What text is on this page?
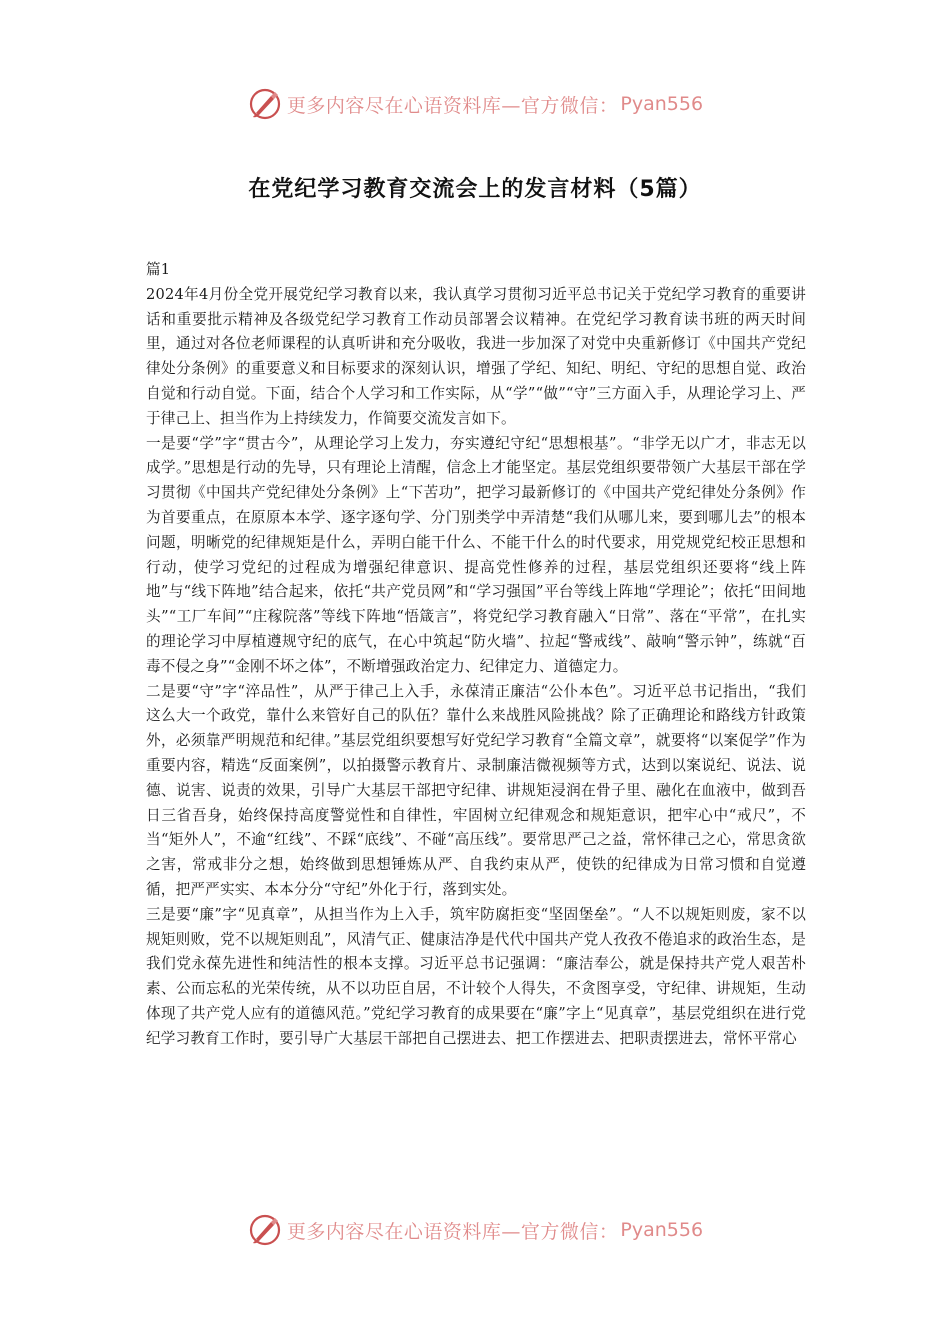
更多内容尽在心语资料库—官方微信： Pyan556
在党纪学习教育交流会上的发言材料（5篇）

篇1

2024年4月份全党开展党纪学习教育以来，我认真学习贯彻习近平总书记关于党纪学习教育的重要讲话和重要批示精神及各级党纪学习教育工作动员部署会议精神。在党纪学习教育读书班的两天时间里，通过对各位老师课程的认真听讲和充分吸收，我进一步加深了对党中央重新修订《中国共产党纪律处分条例》的重要意义和目标要求的深刻认识，增强了学纪、知纪、明纪、守纪的思想自觉、政治自觉和行动自觉。下面，结合个人学习和工作实际，从“学”“做”“守”三方面入手，从理论学习上、严于律己上、担当作为上持续发力，作简要交流发言如下。

一是要“学”字“贯古今”，从理论学习上发力，夯实遵纪守纪“思想根基”。“非学无以广才，非志无以成学。”思想是行动的先导，只有理论上清醒，信念上才能坚定。基层党组织要带领广大基层干部在学习贯彻《中国共产党纪律处分条例》上“下苦功”，把学习最新修订的《中国共产党纪律处分条例》作为首要重点，在原原本本学、逐字逐句学、分门别类学中弄清楚“我们从哪儿来，要到哪儿去”的根本问题，明晰党的纪律规矩是什么，弄明白能干什么、不能干什么的时代要求，用党规党纪校正思想和行动，使学习党纪的过程成为增强纪律意识、提高党性修养的过程，基层党组织还要将“线上阵地”与“线下阵地”结合起来，依托“共产党员网”和“学习强国”平台等线上阵地“学理论”；依托“田间地头”“工厂车间”“庄稼院落”等线下阵地“悟箴言”，将党纪学习教育融入“日常”、落在“平常”，在扎实的理论学习中厚植遵规守纪的底气，在心中筑起“防火墙”、拉起“警戒线”、敲响“警示钟”，练就“百毒不侵之身”“金刚不坏之体”，不断增强政治定力、纪律定力、道德定力。

二是要“守”字“淬品性”，从严于律己上入手，永葆清正廉洁“公仆本色”。习近平总书记指出，“我们这么大一个政党，靠什么来管好自己的队伍？靠什么来战胜风险挑战？除了正确理论和路线方针政策外，必须靠严明规范和纪律。”基层党组织要想写好党纪学习教育“全篇文章”，就要将“以案促学”作为重要内容，精选“反面案例”，以拍摄警示教育片、录制廉洁微视频等方式，达到以案说纪、说法、说德、说害、说责的效果，引导广大基层干部把守纪律、讲规矩浸润在骨子里、融化在血液中，做到吾日三省吾身，始终保持高度警觉性和自律性，牢固树立纪律观念和规矩意识，把牢心中“戒尺”，不当“矩外人”，不逾“红线”、不踩“底线”、不碰“高压线”。要常思严己之益，常怀律己之心，常思贪欲之害，常戒非分之想，始终做到思想锤炼从严、自我约束从严，使铁的纪律成为日常习惯和自觉遵循，把严严实实、本本分分“守纪”外化于行，落到实处。

三是要“廉”字“见真章”，从担当作为上入手，筑牢防腐拒变“坚固堡垒”。“人不以规矩则废，家不以规矩则败，党不以规矩则乱”，风清气正、健康洁净是代代中国共产党人孜孜不倦追求的政治生态，是我们党永葆先进性和纯洁性的根本支撑。习近平总书记强调：“廉洁奉公，就是保持共产党人艰苦朴素、公而忘私的光荣传统，从不以功臣自居，不计较个人得失，不贪图享受，守纪律、讲规矩，生动体现了共产党人应有的道德风范。”党纪学习教育的成果要在“廉”字上“见真章”，基层党组织在进行党纪学习教育工作时，要引导广大基层干部把自己摆进去、把工作摆进去、把职责摆进去，常怀平常心

更多内容尽在心语资料库—官方微信： Pyan556
